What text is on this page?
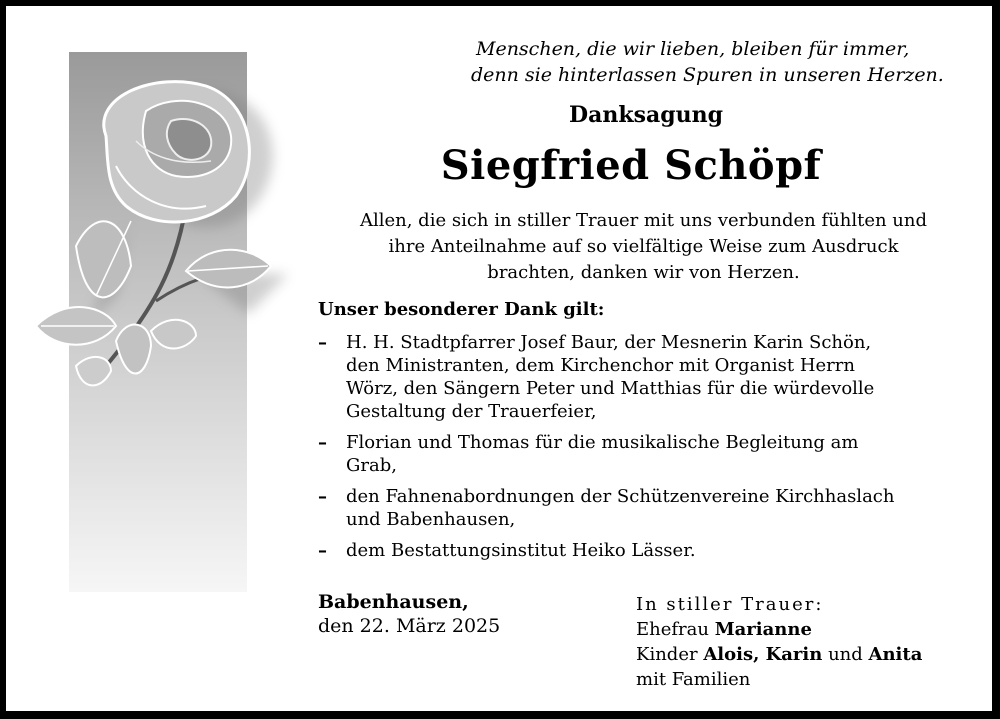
Menschen, die wir lieben, bleiben für immer,
denn sie hinterlassen Spuren in unseren Herzen.
Danksagung
Siegfried Schöpf
Allen, die sich in stiller Trauer mit uns verbunden fühlten und
ihre Anteilnahme auf so vielfältige Weise zum Ausdruck
brachten, danken wir von Herzen.
Unser besonderer Dank gilt:
– H. H. Stadtpfarrer Josef Baur, der Mesnerin Karin Schön,
den Ministranten, dem Kirchenchor mit Organist Herrn
Wörz, den Sängern Peter und Matthias für die würdevolle
Gestaltung der Trauerfeier,
– Florian und Thomas für die musikalische Begleitung am
Grab,
– den Fahnenabordnungen der Schützenvereine Kirchhaslach
und Babenhausen,
– dem Bestattungsinstitut Heiko Lässer.
Babenhausen,
den 22. März 2025
In stiller Trauer:
Ehefrau Marianne
Kinder Alois, Karin und Anita
mit Familien
